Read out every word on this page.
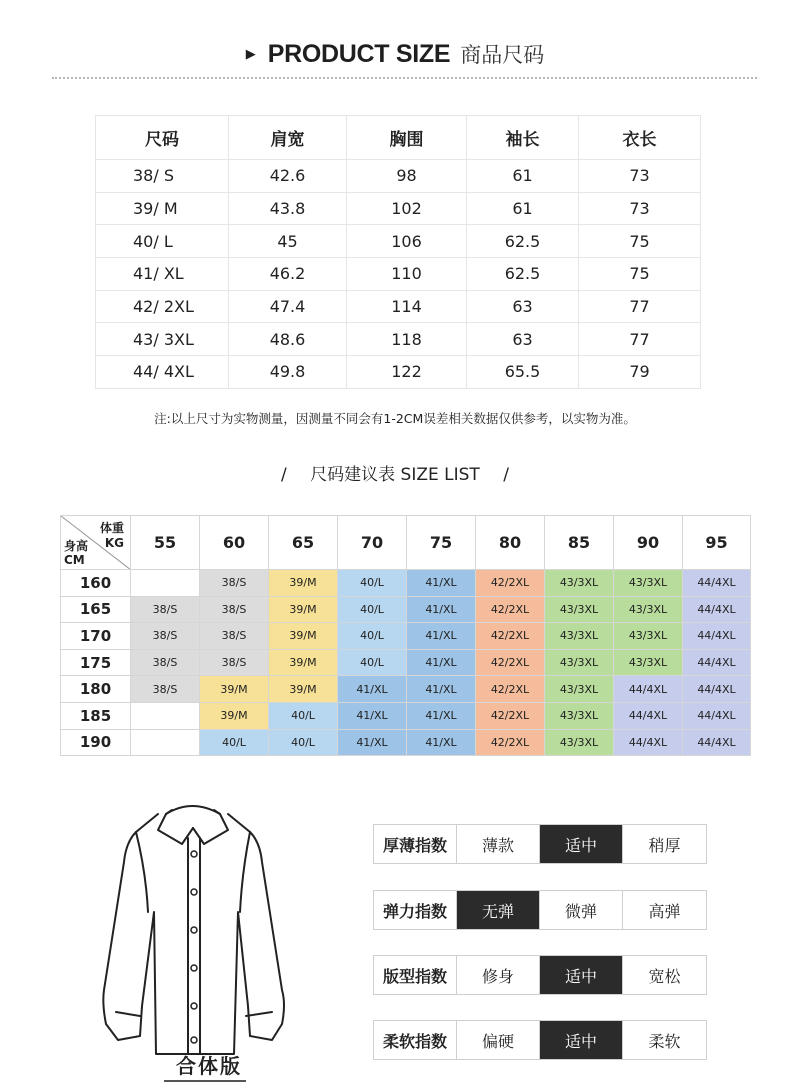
▶ PRODUCT SIZE 商品尺码
尺码	肩宽	胸围	袖长	衣长
38/ S	42.6	98	61	73
39/ M	43.8	102	61	73
40/ L	45	106	62.5	75
41/ XL	46.2	110	62.5	75
42/ 2XL	47.4	114	63	77
43/ 3XL	48.6	118	63	77
44/ 4XL	49.8	122	65.5	79
注:以上尺寸为实物测量，因测量不同会有1-2CM误差相关数据仅供参考，以实物为准。
/ 尺码建议表 SIZE LIST /
体重
KG
身高
CM	55	60	65	70	75	80	85	90	95
160		38/S	39/M	40/L	41/XL	42/2XL	43/3XL	43/3XL	44/4XL
165	38/S	38/S	39/M	40/L	41/XL	42/2XL	43/3XL	43/3XL	44/4XL
170	38/S	38/S	39/M	40/L	41/XL	42/2XL	43/3XL	43/3XL	44/4XL
175	38/S	38/S	39/M	40/L	41/XL	42/2XL	43/3XL	43/3XL	44/4XL
180	38/S	39/M	39/M	41/XL	41/XL	42/2XL	43/3XL	44/4XL	44/4XL
185		39/M	40/L	41/XL	41/XL	42/2XL	43/3XL	44/4XL	44/4XL
190		40/L	40/L	41/XL	41/XL	42/2XL	43/3XL	44/4XL	44/4XL
合体版
厚薄指数	薄款	适中	稍厚
弹力指数	无弹	微弹	高弹
版型指数	修身	适中	宽松
柔软指数	偏硬	适中	柔软
